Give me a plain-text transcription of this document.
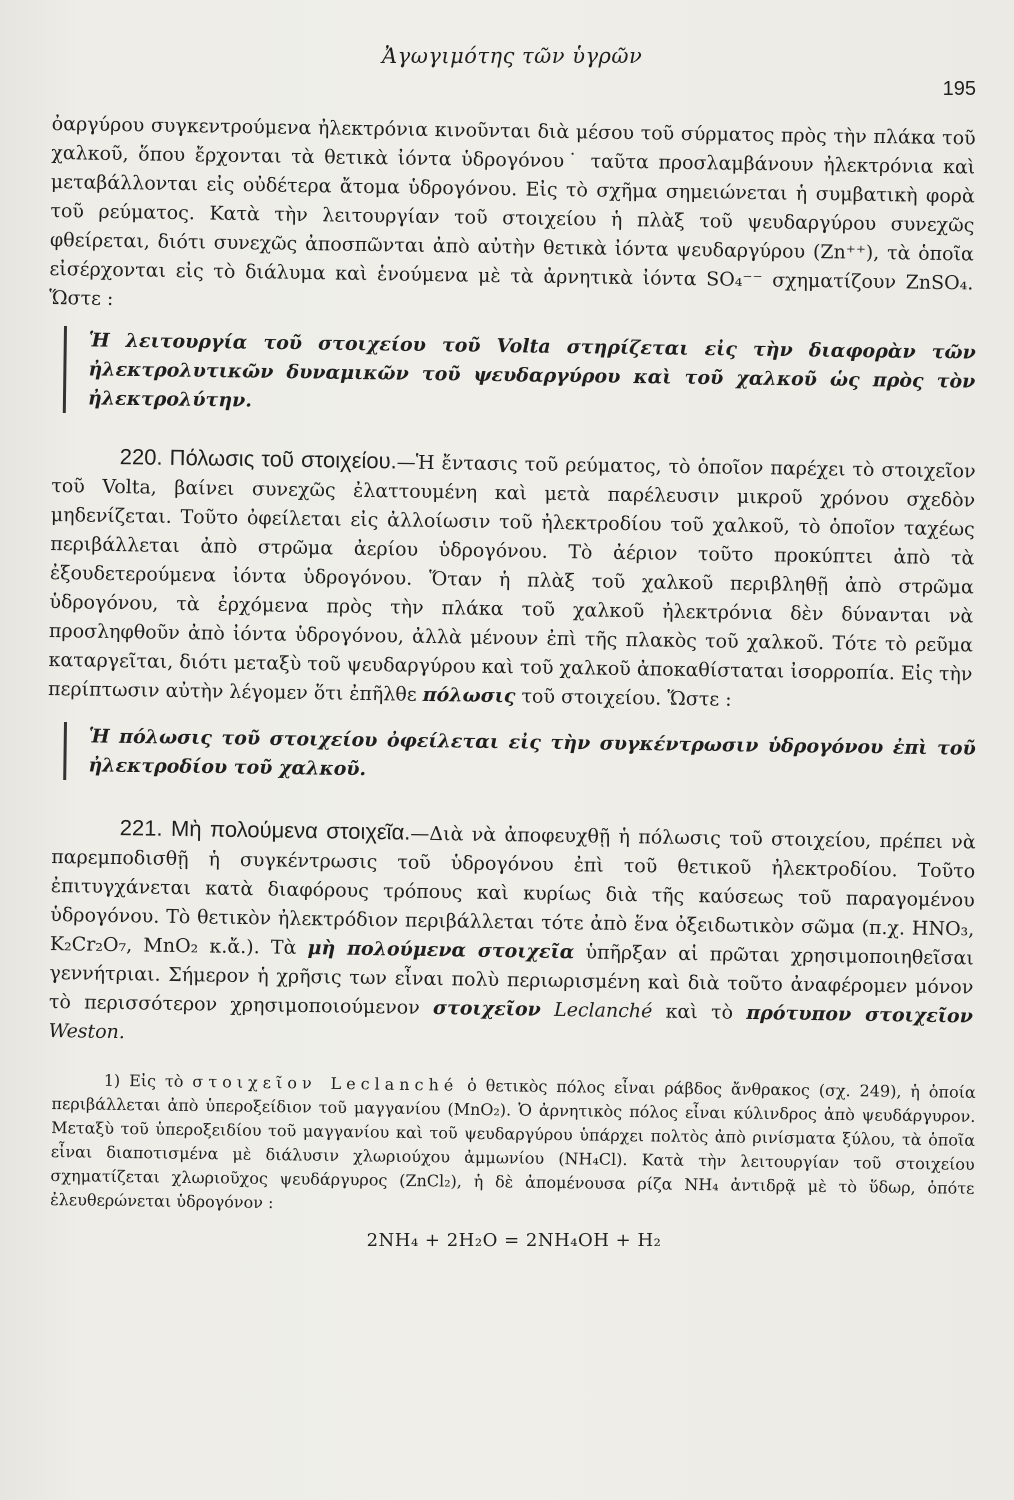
Ἀγωγιμότης τῶν ὑγρῶν
195

ὀαργύρου συγκεντρούμενα ἠλεκτρόνια κινοῦνται διὰ μέσου τοῦ σύρματος πρὸς τὴν πλάκα τοῦ χαλκοῦ, ὅπου ἔρχονται τὰ θετικὰ ἰόντα ὑδρογόνου˙ ταῦτα προσλαμβάνουν ἠλεκτρόνια καὶ μεταβάλλονται εἰς οὐδέτερα ἄτομα ὑδρογόνου. Εἰς τὸ σχῆμα σημειώνεται ἡ συμβατικὴ φορὰ τοῦ ρεύματος. Κατὰ τὴν λειτουργίαν τοῦ στοιχείου ἡ πλὰξ τοῦ ψευδαργύρου συνεχῶς φθείρεται, διότι συνεχῶς ἀποσπῶνται ἀπὸ αὐτὴν θετικὰ ἰόντα ψευδαργύρου (Zn⁺⁺), τὰ ὁποῖα εἰσέρχονται εἰς τὸ διάλυμα καὶ ἑνούμενα μὲ τὰ ἀρνητικὰ ἰόντα SO₄⁻⁻ σχηματίζουν ZnSO₄. Ὥστε :

Ἡ λειτουργία τοῦ στοιχείου τοῦ Volta στηρίζεται εἰς τὴν διαφορὰν τῶν ἠλεκτρολυτικῶν δυναμικῶν τοῦ ψευδαργύρου καὶ τοῦ χαλκοῦ ὡς πρὸς τὸν ἠλεκτρολύτην.

220. Πόλωσις τοῦ στοιχείου.—Ἡ ἔντασις τοῦ ρεύματος, τὸ ὁποῖον παρέχει τὸ στοιχεῖον τοῦ Volta, βαίνει συνεχῶς ἐλαττουμένη καὶ μετὰ παρέλευσιν μικροῦ χρόνου σχεδὸν μηδενίζεται. Τοῦτο ὀφείλεται εἰς ἀλλοίωσιν τοῦ ἠλεκτροδίου τοῦ χαλκοῦ, τὸ ὁποῖον ταχέως περιβάλλεται ἀπὸ στρῶμα ἀερίου ὑδρογόνου. Τὸ ἀέριον τοῦτο προκύπτει ἀπὸ τὰ ἐξουδετερούμενα ἰόντα ὑδρογόνου. Ὅταν ἡ πλὰξ τοῦ χαλκοῦ περιβληθῇ ἀπὸ στρῶμα ὑδρογόνου, τὰ ἐρχόμενα πρὸς τὴν πλάκα τοῦ χαλκοῦ ἠλεκτρόνια δὲν δύνανται νὰ προσληφθοῦν ἀπὸ ἰόντα ὑδρογόνου, ἀλλὰ μένουν ἐπὶ τῆς πλακὸς τοῦ χαλκοῦ. Τότε τὸ ρεῦμα καταργεῖται, διότι μεταξὺ τοῦ ψευδαργύρου καὶ τοῦ χαλκοῦ ἀποκαθίσταται ἰσορροπία. Εἰς τὴν περίπτωσιν αὐτὴν λέγομεν ὅτι ἐπῆλθε πόλωσις τοῦ στοιχείου. Ὥστε :

Ἡ πόλωσις τοῦ στοιχείου ὀφείλεται εἰς τὴν συγκέντρωσιν ὑδρογόνου ἐπὶ τοῦ ἠλεκτροδίου τοῦ χαλκοῦ.

221. Μὴ πολούμενα στοιχεῖα.—Διὰ νὰ ἀποφευχθῇ ἡ πόλωσις τοῦ στοιχείου, πρέπει νὰ παρεμποδισθῇ ἡ συγκέντρωσις τοῦ ὑδρογόνου ἐπὶ τοῦ θετικοῦ ἠλεκτροδίου. Τοῦτο ἐπιτυγχάνεται κατὰ διαφόρους τρόπους καὶ κυρίως διὰ τῆς καύσεως τοῦ παραγομένου ὑδρογόνου. Τὸ θετικὸν ἠλεκτρόδιον περιβάλλεται τότε ἀπὸ ἕνα ὀξειδωτικὸν σῶμα (π.χ. HNO₃, K₂Cr₂O₇, MnO₂ κ.ἄ.). Τὰ μὴ πολούμενα στοιχεῖα ὑπῆρξαν αἱ πρῶται χρησιμοποιηθεῖσαι γεννήτριαι. Σήμερον ἡ χρῆσις των εἶναι πολὺ περιωρισμένη καὶ διὰ τοῦτο ἀναφέρομεν μόνον τὸ περισσότερον χρησιμοποιούμενον στοιχεῖον Leclanché καὶ τὸ πρότυπον στοιχεῖον Weston.

1) Εἰς τὸ στοιχεῖον Leclanché ὁ θετικὸς πόλος εἶναι ράβδος ἄνθρακος (σχ. 249), ἡ ὁποία περιβάλλεται ἀπὸ ὑπεροξείδιον τοῦ μαγγανίου (MnO₂). Ὁ ἀρνητικὸς πόλος εἶναι κύλινδρος ἀπὸ ψευδάργυρον. Μεταξὺ τοῦ ὑπεροξειδίου τοῦ μαγγανίου καὶ τοῦ ψευδαργύρου ὑπάρχει πολτὸς ἀπὸ ρινίσματα ξύλου, τὰ ὁποῖα εἶναι διαποτισμένα μὲ διάλυσιν χλωριούχου ἀμμωνίου (NH₄Cl). Κατὰ τὴν λειτουργίαν τοῦ στοιχείου σχηματίζεται χλωριοῦχος ψευδάργυρος (ZnCl₂), ἡ δὲ ἀπομένουσα ρίζα NH₄ ἀντιδρᾷ μὲ τὸ ὕδωρ, ὁπότε ἐλευθερώνεται ὑδρογόνον :

2NH₄ + 2H₂O = 2NH₄OH + H₂
